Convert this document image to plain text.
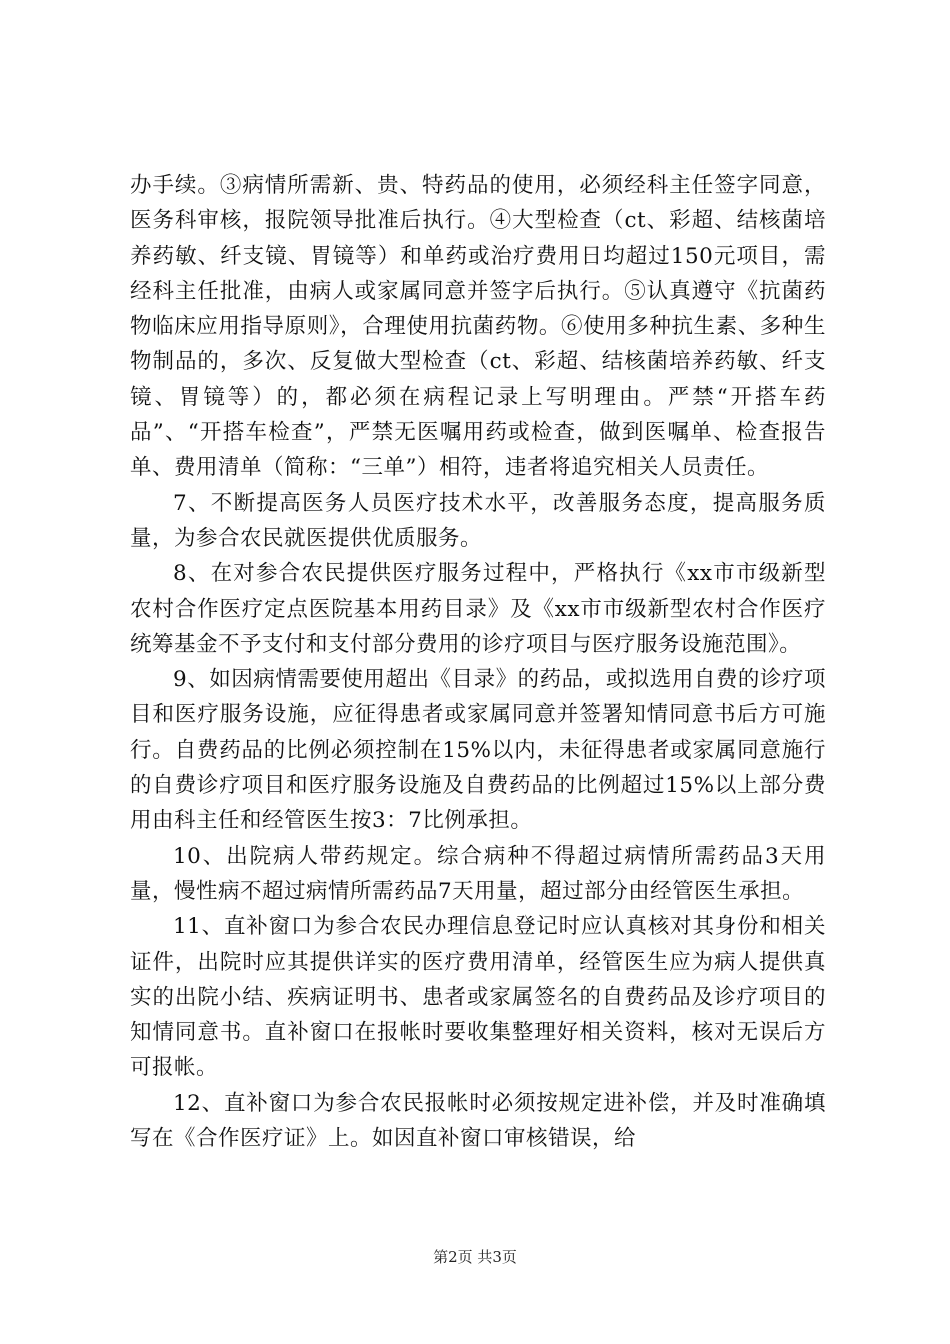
办手续。③病情所需新、贵、特药品的使用，必须经科主任签字同意，医务科审核，报院领导批准后执行。④大型检查（ct、彩超、结核菌培养药敏、纤支镜、胃镜等）和单药或治疗费用日均超过150元项目，需经科主任批准，由病人或家属同意并签字后执行。⑤认真遵守《抗菌药物临床应用指导原则》，合理使用抗菌药物。⑥使用多种抗生素、多种生物制品的，多次、反复做大型检查（ct、彩超、结核菌培养药敏、纤支镜、胃镜等）的，都必须在病程记录上写明理由。严禁“开搭车药品”、“开搭车检查”，严禁无医嘱用药或检查，做到医嘱单、检查报告单、费用清单（简称：“三单”）相符，违者将追究相关人员责任。

7、不断提高医务人员医疗技术水平，改善服务态度，提高服务质量，为参合农民就医提供优质服务。

8、在对参合农民提供医疗服务过程中，严格执行《xx市市级新型农村合作医疗定点医院基本用药目录》及《xx市市级新型农村合作医疗统筹基金不予支付和支付部分费用的诊疗项目与医疗服务设施范围》。

9、如因病情需要使用超出《目录》的药品，或拟选用自费的诊疗项目和医疗服务设施，应征得患者或家属同意并签署知情同意书后方可施行。自费药品的比例必须控制在15%以内，未征得患者或家属同意施行的自费诊疗项目和医疗服务设施及自费药品的比例超过15%以上部分费用由科主任和经管医生按3：7比例承担。

10、出院病人带药规定。综合病种不得超过病情所需药品3天用量，慢性病不超过病情所需药品7天用量，超过部分由经管医生承担。

11、直补窗口为参合农民办理信息登记时应认真核对其身份和相关证件，出院时应其提供详实的医疗费用清单，经管医生应为病人提供真实的出院小结、疾病证明书、患者或家属签名的自费药品及诊疗项目的知情同意书。直补窗口在报帐时要收集整理好相关资料，核对无误后方可报帐。

12、直补窗口为参合农民报帐时必须按规定进补偿，并及时准确填写在《合作医疗证》上。如因直补窗口审核错误，给

第2页 共3页
